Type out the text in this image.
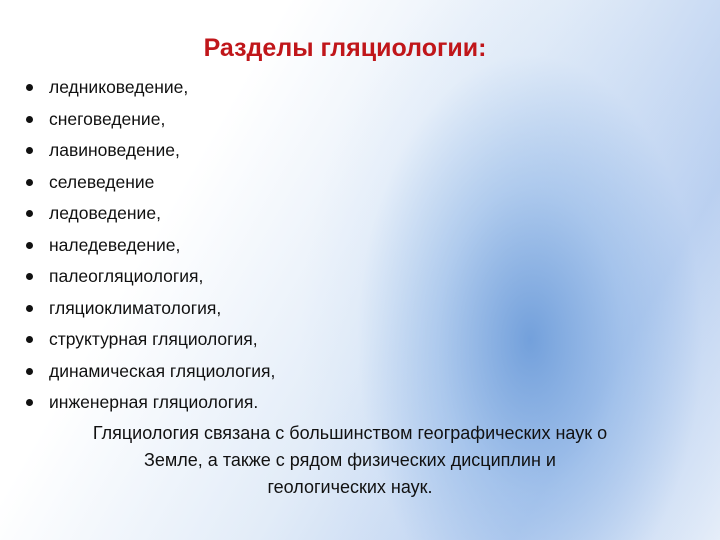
Разделы гляциологии:
ледниковедение,
снеговедение,
лавиноведение,
селеведение
ледоведение,
наледеведение,
палеогляциология,
гляциоклиматология,
структурная гляциология,
динамическая гляциология,
инженерная гляциология.

Гляциология связана с большинством географических наук о
Земле, а также с рядом физических дисциплин и
геологических наук.
